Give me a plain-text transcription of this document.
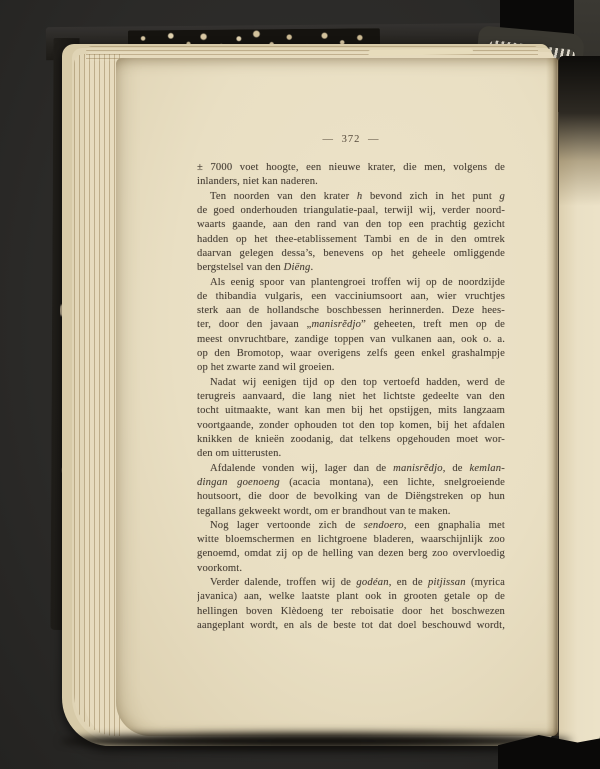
— 372 —
± 7000 voet hoogte, een nieuwe krater, die men, volgens de
inlanders, niet kan naderen.
Ten noorden van den krater h bevond zich in het punt g
de goed onderhouden triangulatie-paal, terwijl wij, verder noord-
waarts gaande, aan den rand van den top een prachtig gezicht
hadden op het thee-etablissement Tambi en de in den omtrek
daarvan gelegen dessa’s, benevens op het geheele omliggende
bergstelsel van den Diëng.
Als eenig spoor van plantengroei troffen wij op de noordzijde
de thibandia vulgaris, een vacciniumsoort aan, wier vruchtjes
sterk aan de hollandsche boschbessen herinnerden. Deze hees-
ter, door den javaan „manisrĕdjo” geheeten, treft men op de
meest onvruchtbare, zandige toppen van vulkanen aan, ook o. a.
op den Bromotop, waar overigens zelfs geen enkel grashalmpje
op het zwarte zand wil groeien.
Nadat wij eenigen tijd op den top vertoefd hadden, werd de
terugreis aanvaard, die lang niet het lichtste gedeelte van den
tocht uitmaakte, want kan men bij het opstijgen, mits langzaam
voortgaande, zonder ophouden tot den top komen, bij het afdalen
knikken de knieën zoodanig, dat telkens opgehouden moet wor-
den om uitterusten.
Afdalende vonden wij, lager dan de manisrĕdjo, de kemlan-
dingan goenoeng (acacia montana), een lichte, snelgroeiende
houtsoort, die door de bevolking van de Diëngstreken op hun
tegallans gekweekt wordt, om er brandhout van te maken.
Nog lager vertoonde zich de sendoero, een gnaphalia met
witte bloemschermen en lichtgroene bladeren, waarschijnlijk zoo
genoemd, omdat zij op de helling van dezen berg zoo overvloedig
voorkomt.
Verder dalende, troffen wij de godéan, en de pitjissan (myrica
javanica) aan, welke laatste plant ook in grooten getale op de
hellingen boven Klèdoeng ter reboisatie door het boschwezen
aangeplant wordt, en als de beste tot dat doel beschouwd wordt,
